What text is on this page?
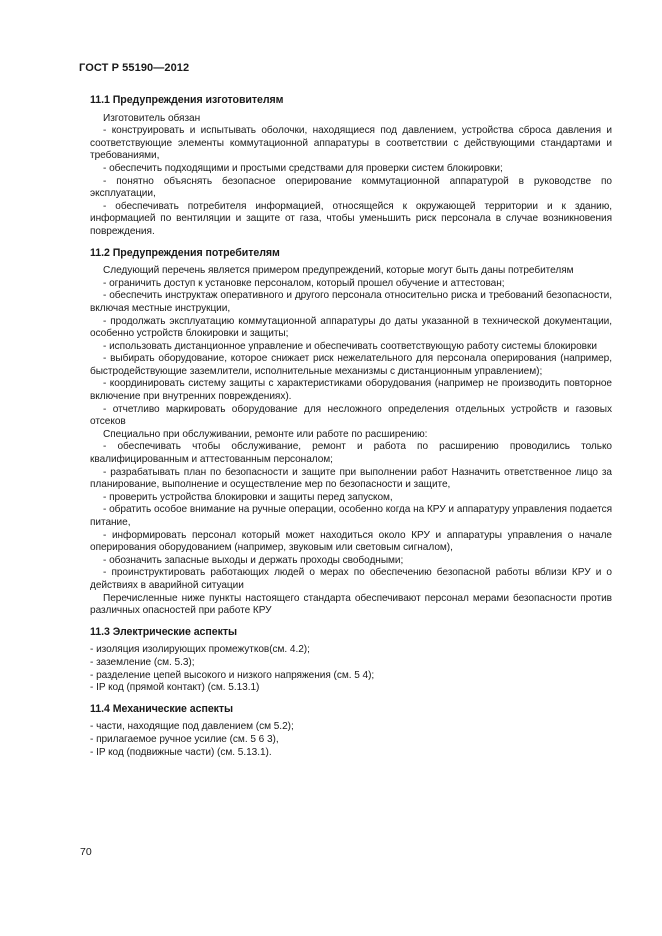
ГОСТ Р 55190—2012
11.1 Предупреждения изготовителям

Изготовитель обязан

- конструировать и испытывать оболочки, находящиеся под давлением, устройства сброса давления и соответствующие элементы коммутационной аппаратуры в соответствии с действующими стандартами и требованиями,

- обеспечить подходящими и простыми средствами для проверки систем блокировки;

- понятно объяснять безопасное оперирование коммутационной аппаратурой в руководстве по эксплуатации,

- обеспечивать потребителя информацией, относящейся к окружающей территории и к зданию, информацией по вентиляции и защите от газа, чтобы уменьшить риск персонала в случае возникновения повреждения.

11.2 Предупреждения потребителям

Следующий перечень является примером предупреждений, которые могут быть даны потребителям

- ограничить доступ к установке персоналом, который прошел обучение и аттестован;

- обеспечить инструктаж оперативного и другого персонала относительно риска и требований безопасности, включая местные инструкции,

- продолжать эксплуатацию коммутационной аппаратуры до даты указанной в технической документации, особенно устройств блокировки и защиты;

- использовать дистанционное управление и обеспечивать соответствующую работу системы блокировки

- выбирать оборудование, которое снижает риск нежелательного для персонала оперирования (например, быстродействующие заземлители, исполнительные механизмы с дистанционным управлением);

- координировать систему защиты с характеристиками оборудования (например не производить повторное включение при внутренних повреждениях).

- отчетливо маркировать оборудование для несложного определения отдельных устройств и газовых отсеков

Специально при обслуживании, ремонте или работе по расширению:

- обеспечивать чтобы обслуживание, ремонт и работа по расширению проводились только квалифицированным и аттестованным персоналом;

- разрабатывать план по безопасности и защите при выполнении работ Назначить ответственное лицо за планирование, выполнение и осуществление мер по безопасности и защите,

- проверить устройства блокировки и защиты перед запуском,

- обратить особое внимание на ручные операции, особенно когда на КРУ и аппаратуру управления подается питание,

- информировать персонал который может находиться около КРУ и аппаратуры управления о начале оперирования оборудованием (например, звуковым или световым сигналом),

- обозначить запасные выходы и держать проходы свободными;

- проинструктировать работающих людей о мерах по обеспечению безопасной работы вблизи КРУ и о действиях в аварийной ситуации

Перечисленные ниже пункты настоящего стандарта обеспечивают персонал мерами безопасности против различных опасностей при работе КРУ

11.3 Электрические аспекты

- изоляция изолирующих промежутков(см. 4.2);

- заземление (см. 5.3);

- разделение цепей высокого и низкого напряжения (см. 5 4);

- IP код (прямой контакт) (см. 5.13.1)

11.4 Механические аспекты

- части, находящие под давлением (см 5.2);

- прилагаемое ручное усилие (см. 5 6 3),

- IP код (подвижные части) (см. 5.13.1).

70
